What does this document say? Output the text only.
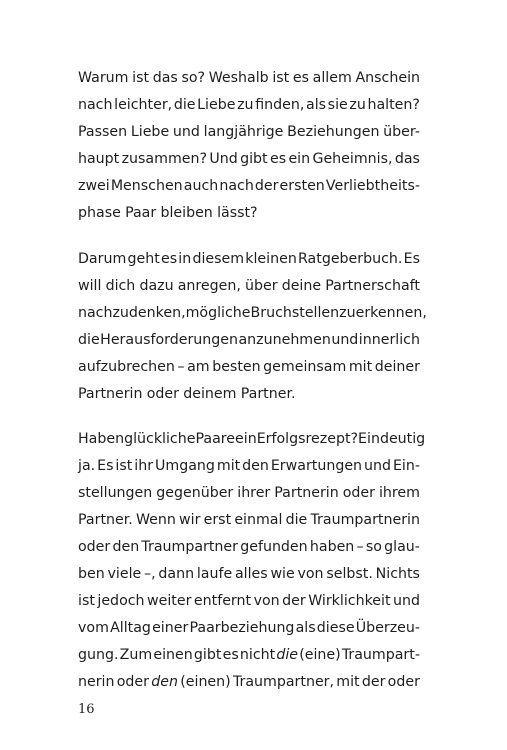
Warum ist das so? Weshalb ist es allem Anschein
nach leichter, die Liebe zu finden, als sie zu halten?
Passen Liebe und langjährige Beziehungen über-
haupt zusammen? Und gibt es ein Geheimnis, das
zwei Menschen auch nach der ersten Verliebtheits-
phase Paar bleiben lässt?
Darum geht es in diesem kleinen Ratgeberbuch. Es
will dich dazu anregen, über deine Partnerschaft
nachzudenken, mögliche Bruchstellen zu erkennen,
die Herausforderungen anzunehmen und innerlich
aufzubrechen – am besten gemeinsam mit deiner
Partnerin oder deinem Partner.
Haben glückliche Paare ein Erfolgsrezept? Eindeutig
ja. Es ist ihr Umgang mit den Erwartungen und Ein-
stellungen gegenüber ihrer Partnerin oder ihrem
Partner. Wenn wir erst einmal die Traumpartnerin
oder den Traumpartner gefunden haben – so glau-
ben viele –, dann laufe alles wie von selbst. Nichts
ist jedoch weiter entfernt von der Wirklichkeit und
vom Alltag einer Paarbeziehung als diese Überzeu-
gung. Zum einen gibt es nicht die (eine) Traumpart-
nerin oder den (einen) Traumpartner, mit der oder
16
